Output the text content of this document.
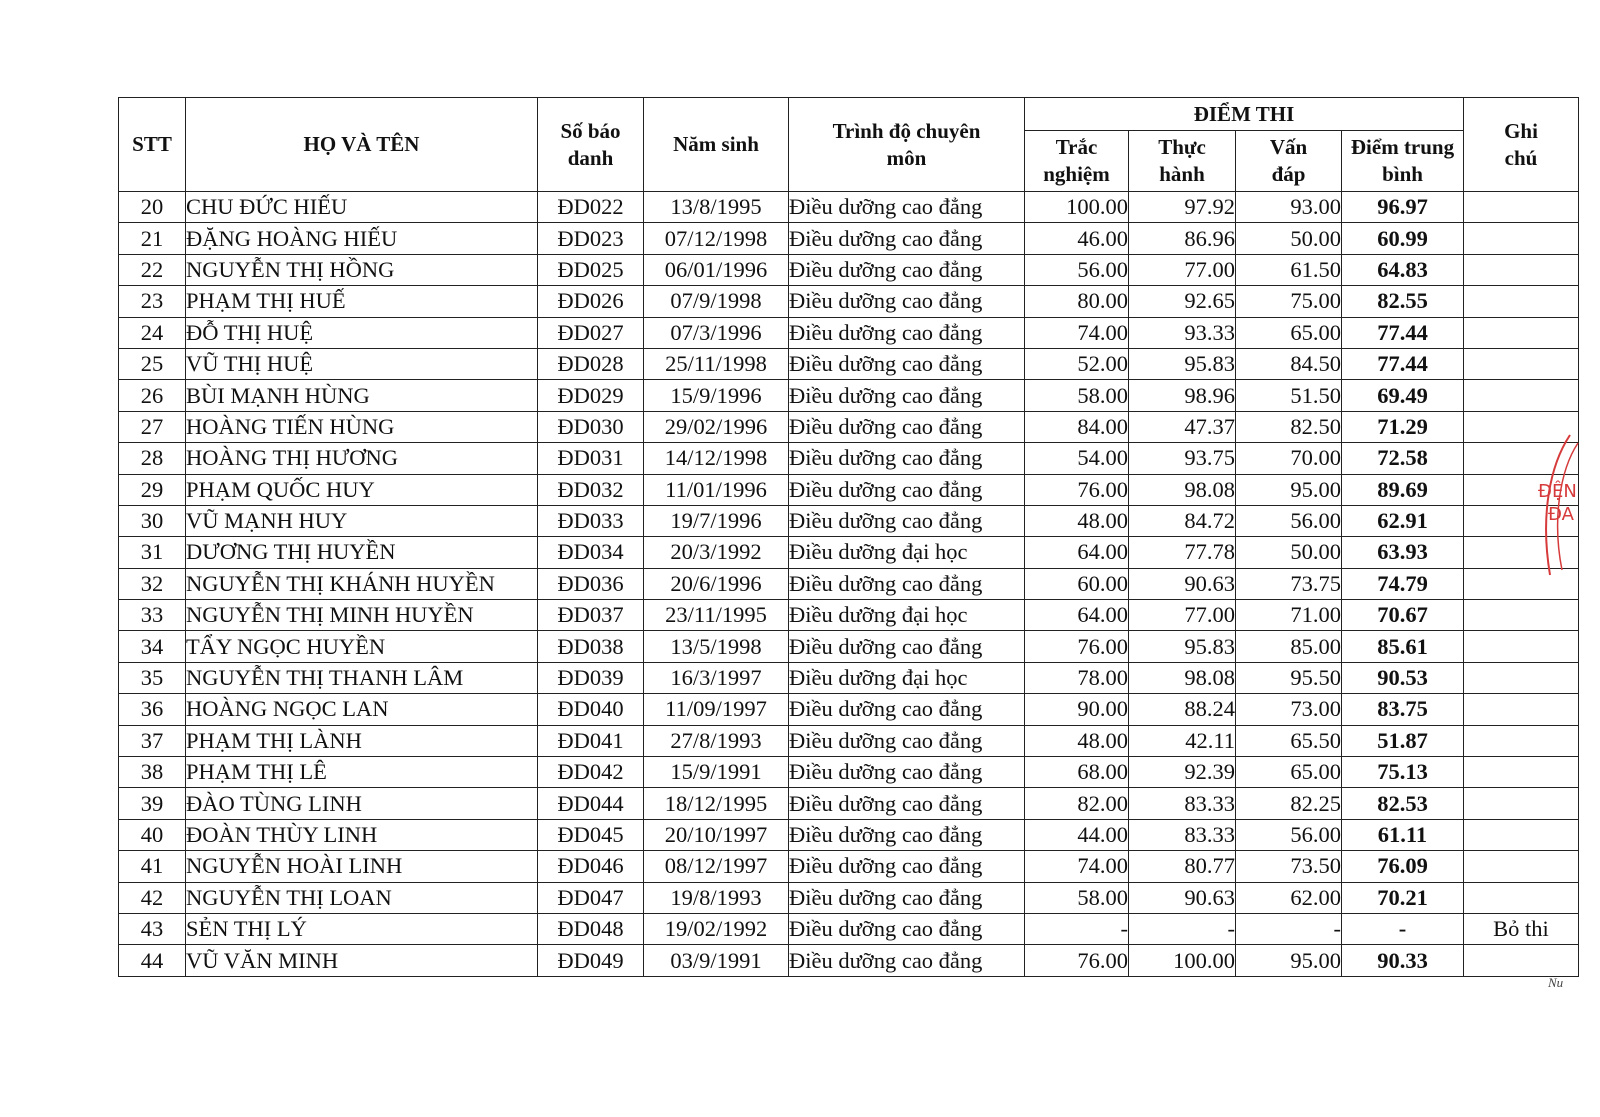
STT	HỌ VÀ TÊN	Số báo danh	Năm sinh	Trình độ chuyên môn	ĐIỂM THI				Ghi chú
					Trắc nghiệm	Thực hành	Vấn đáp	Điểm trung bình	
20	CHU ĐỨC HIẾU	ĐD022	13/8/1995	Điều dưỡng cao đẳng	100.00	97.92	93.00	96.97	
21	ĐẶNG HOÀNG HIẾU	ĐD023	07/12/1998	Điều dưỡng cao đẳng	46.00	86.96	50.00	60.99	
22	NGUYỄN THỊ HỒNG	ĐD025	06/01/1996	Điều dưỡng cao đẳng	56.00	77.00	61.50	64.83	
23	PHẠM THỊ HUẾ	ĐD026	07/9/1998	Điều dưỡng cao đẳng	80.00	92.65	75.00	82.55	
24	ĐỖ THỊ HUỆ	ĐD027	07/3/1996	Điều dưỡng cao đẳng	74.00	93.33	65.00	77.44	
25	VŨ THỊ HUỆ	ĐD028	25/11/1998	Điều dưỡng cao đẳng	52.00	95.83	84.50	77.44	
26	BÙI MẠNH HÙNG	ĐD029	15/9/1996	Điều dưỡng cao đẳng	58.00	98.96	51.50	69.49	
27	HOÀNG TIẾN HÙNG	ĐD030	29/02/1996	Điều dưỡng cao đẳng	84.00	47.37	82.50	71.29	
28	HOÀNG THỊ HƯƠNG	ĐD031	14/12/1998	Điều dưỡng cao đẳng	54.00	93.75	70.00	72.58	
29	PHẠM QUỐC HUY	ĐD032	11/01/1996	Điều dưỡng cao đẳng	76.00	98.08	95.00	89.69	
30	VŨ MẠNH HUY	ĐD033	19/7/1996	Điều dưỡng cao đẳng	48.00	84.72	56.00	62.91	
31	DƯƠNG THỊ HUYỀN	ĐD034	20/3/1992	Điều dưỡng đại học	64.00	77.78	50.00	63.93	
32	NGUYỄN THỊ KHÁNH HUYỀN	ĐD036	20/6/1996	Điều dưỡng cao đẳng	60.00	90.63	73.75	74.79	
33	NGUYỄN THỊ MINH HUYỀN	ĐD037	23/11/1995	Điều dưỡng đại học	64.00	77.00	71.00	70.67	
34	TẨY NGỌC HUYỀN	ĐD038	13/5/1998	Điều dưỡng cao đẳng	76.00	95.83	85.00	85.61	
35	NGUYỄN THỊ THANH LÂM	ĐD039	16/3/1997	Điều dưỡng đại học	78.00	98.08	95.50	90.53	
36	HOÀNG NGỌC LAN	ĐD040	11/09/1997	Điều dưỡng cao đẳng	90.00	88.24	73.00	83.75	
37	PHẠM THỊ LÀNH	ĐD041	27/8/1993	Điều dưỡng cao đẳng	48.00	42.11	65.50	51.87	
38	PHẠM THỊ LÊ	ĐD042	15/9/1991	Điều dưỡng cao đẳng	68.00	92.39	65.00	75.13	
39	ĐÀO TÙNG LINH	ĐD044	18/12/1995	Điều dưỡng cao đẳng	82.00	83.33	82.25	82.53	
40	ĐOÀN THÙY LINH	ĐD045	20/10/1997	Điều dưỡng cao đẳng	44.00	83.33	56.00	61.11	
41	NGUYỄN HOÀI LINH	ĐD046	08/12/1997	Điều dưỡng cao đẳng	74.00	80.77	73.50	76.09	
42	NGUYỄN THỊ LOAN	ĐD047	19/8/1993	Điều dưỡng cao đẳng	58.00	90.63	62.00	70.21	
43	SẺN THỊ LÝ	ĐD048	19/02/1992	Điều dưỡng cao đẳng	-	-	-	-	Bỏ thi
44	VŨ VĂN MINH	ĐD049	03/9/1991	Điều dưỡng cao đẳng	76.00	100.00	95.00	90.33	
ĐỆN
ĐA
Nu
